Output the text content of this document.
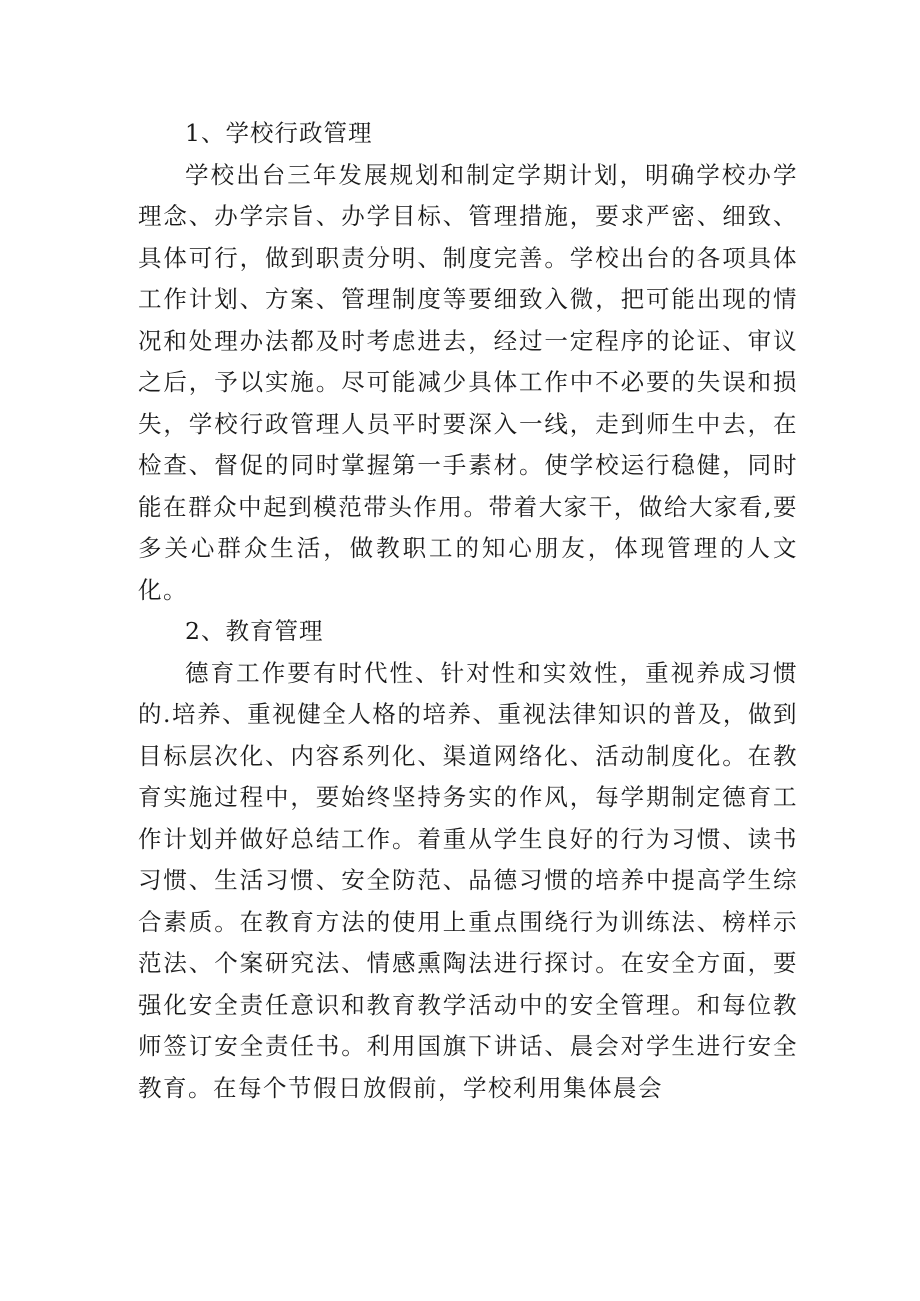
1、学校行政管理

学校出台三年发展规划和制定学期计划，明确学校办学理念、办学宗旨、办学目标、管理措施，要求严密、细致、具体可行，做到职责分明、制度完善。学校出台的各项具体工作计划、方案、管理制度等要细致入微，把可能出现的情况和处理办法都及时考虑进去，经过一定程序的论证、审议之后，予以实施。尽可能减少具体工作中不必要的失误和损失，学校行政管理人员平时要深入一线，走到师生中去，在检查、督促的同时掌握第一手素材。使学校运行稳健，同时能在群众中起到模范带头作用。带着大家干，做给大家看,要多关心群众生活，做教职工的知心朋友，体现管理的人文化。

2、教育管理

德育工作要有时代性、针对性和实效性，重视养成习惯的.培养、重视健全人格的培养、重视法律知识的普及，做到目标层次化、内容系列化、渠道网络化、活动制度化。在教育实施过程中，要始终坚持务实的作风，每学期制定德育工作计划并做好总结工作。着重从学生良好的行为习惯、读书习惯、生活习惯、安全防范、品德习惯的培养中提高学生综合素质。在教育方法的使用上重点围绕行为训练法、榜样示范法、个案研究法、情感熏陶法进行探讨。在安全方面，要强化安全责任意识和教育教学活动中的安全管理。和每位教师签订安全责任书。利用国旗下讲话、晨会对学生进行安全教育。在每个节假日放假前，学校利用集体晨会
